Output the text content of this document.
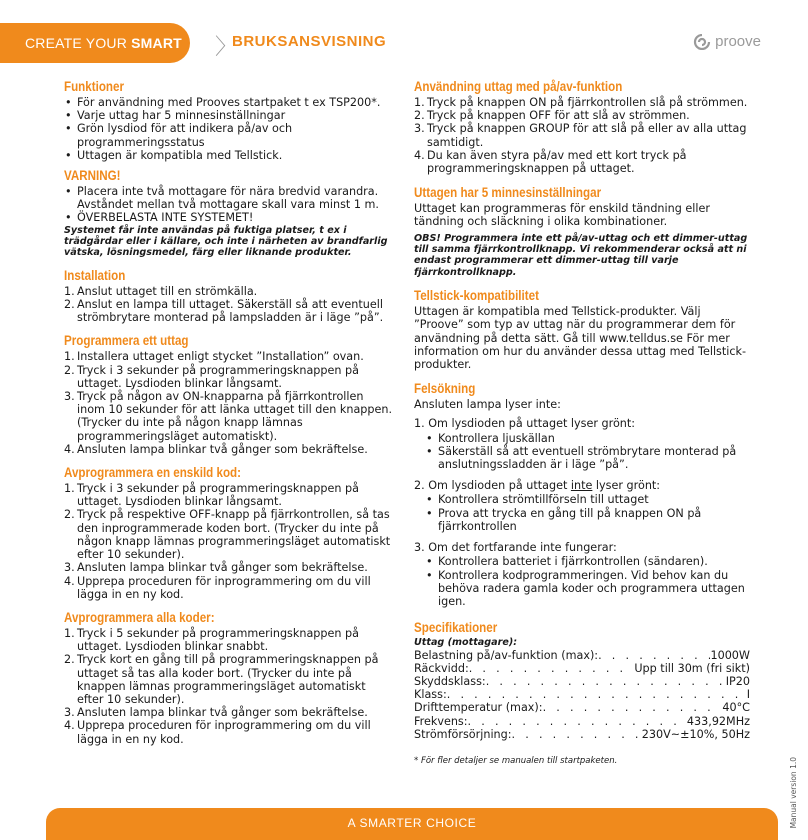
CREATE YOUR SMART HOME
〉
BRUKSANSVISNING	proove
Funktioner
• För användning med Prooves startpaket t ex TSP200*.
• Varje uttag har 5 minnesinställningar
• Grön lysdiod för att indikera på/av och programmeringsstatus
• Uttagen är kompatibla med Tellstick.
VARNING!
• Placera inte två mottagare för nära bredvid varandra. Avståndet mellan två mottagare skall vara minst 1 m.
• ÖVERBELASTA INTE SYSTEMET!

Systemet får inte användas på fuktiga platser, t ex i trädgårdar eller i källare, och inte i närheten av brandfarlig vätska, lösningsmedel, färg eller liknande produkter.

Installation
1. Anslut uttaget till en strömkälla.
2. Anslut en lampa till uttaget. Säkerställ så att eventuell strömbrytare monterad på lampsladden är i läge ”på”.
Programmera ett uttag
1. Installera uttaget enligt stycket ”Installation” ovan.
2. Tryck i 3 sekunder på programmeringsknappen på uttaget. Lysdioden blinkar långsamt.
3. Tryck på någon av ON-knapparna på fjärrkontrollen inom 10 sekunder för att länka uttaget till den knappen. (Trycker du inte på någon knapp lämnas programmeringsläget automatiskt).
4. Ansluten lampa blinkar två gånger som bekräftelse.
Avprogrammera en enskild kod:
1. Tryck i 3 sekunder på programmeringsknappen på uttaget. Lysdioden blinkar långsamt.
2. Tryck på respektive OFF-knapp på fjärrkontrollen, så tas den inprogrammerade koden bort. (Trycker du inte på någon knapp lämnas programmeringsläget automatiskt efter 10 sekunder).
3. Ansluten lampa blinkar två gånger som bekräftelse.
4. Upprepa proceduren för inprogrammering om du vill lägga in en ny kod.
Avprogrammera alla koder:
1. Tryck i 5 sekunder på programmeringsknappen på uttaget. Lysdioden blinkar snabbt.
2. Tryck kort en gång till på programmeringsknappen på uttaget så tas alla koder bort. (Trycker du inte på knappen lämnas programmeringsläget automatiskt efter 10 sekunder).
3. Ansluten lampa blinkar två gånger som bekräftelse.
4. Upprepa proceduren för inprogrammering om du vill lägga in en ny kod.
Användning uttag med på/av-funktion
1. Tryck på knappen ON på fjärrkontrollen slå på strömmen.
2. Tryck på knappen OFF för att slå av strömmen.
3. Tryck på knappen GROUP för att slå på eller av alla uttag samtidigt.
4. Du kan även styra på/av med ett kort tryck på programmeringsknappen på uttaget.
Uttagen har 5 minnesinställningar

Uttaget kan programmeras för enskild tändning eller tändning och släckning i olika kombinationer.

OBS! Programmera inte ett på/av-uttag och ett dimmer-uttag till samma fjärrkontrollknapp. Vi rekommenderar också att ni endast programmerar ett dimmer-uttag till varje fjärrkontrollknapp.

Tellstick-kompatibilitet

Uttagen är kompatibla med Tellstick-produkter. Välj ”Proove” som typ av uttag när du programmerar dem för användning på detta sätt. Gå till www.telldus.se För mer information om hur du använder dessa uttag med Tellstick-produkter.

Felsökning

Ansluten lampa lyser inte:

1. Om lysdioden på uttaget lyser grönt:

• Kontrollera ljuskällan
• Säkerställ så att eventuell strömbrytare monterad på anslutningssladden är i läge ”på”.

2. Om lysdioden på uttaget inte lyser grönt:

• Kontrollera strömtillförseln till uttaget
• Prova att trycka en gång till på knappen ON på fjärrkontrollen

3. Om det fortfarande inte fungerar:

• Kontrollera batteriet i fjärrkontrollen (sändaren).
• Kontrollera kodprogrammeringen. Vid behov kan du behöva radera gamla koder och programmera uttagen igen.
Specifikationer

Uttag (mottagare):

Belastning på/av-funktion (max): . . .	1000W
Räckvidd: . . .	Upp till 30m (fri sikt)
Skyddsklass: . . .	IP20
Klass: . . .	I
Drifttemperatur (max): . . .	40°C
Frekvens: . . .	433,92MHz
Strömförsörjning: . . .	230V~±10%, 50Hz

* För fler detaljer se manualen till startpaketen.	Manual version 1.0
A SMARTER CHOICE
